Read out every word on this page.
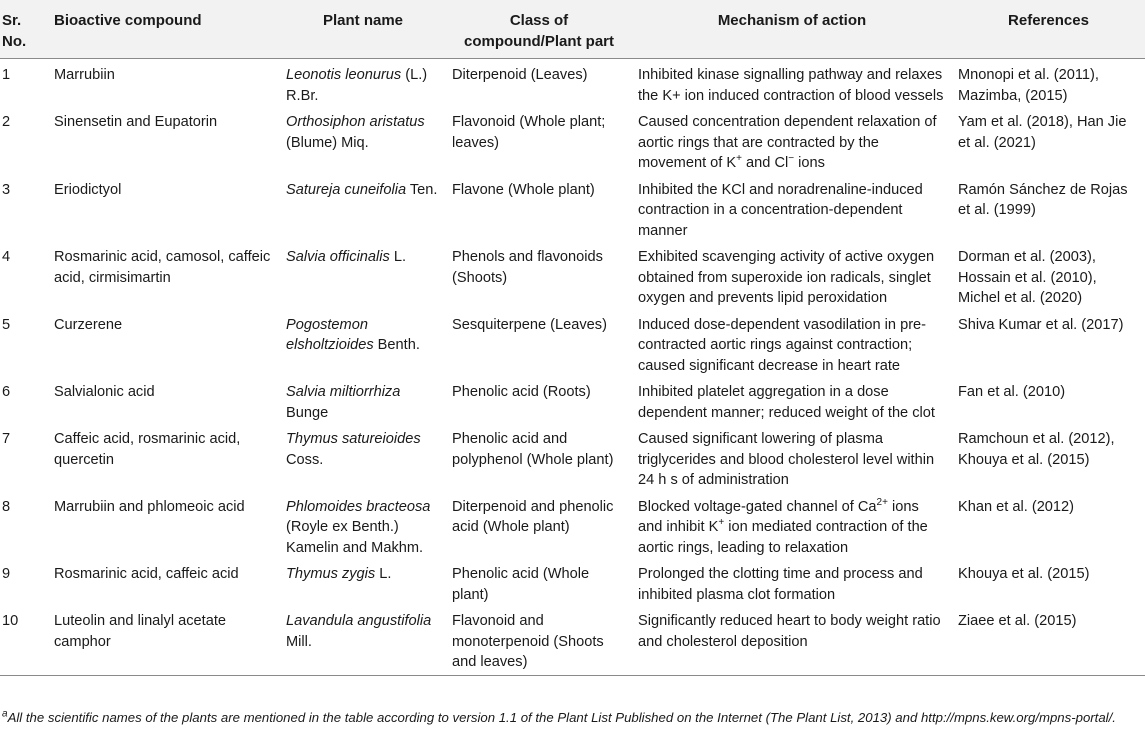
Sr. No.	Bioactive compound	Plant name	Class of compound/Plant part	Mechanism of action	References
1	Marrubiin	Leonotis leonurus (L.) R.Br.	Diterpenoid (Leaves)	Inhibited kinase signalling pathway and relaxes the K+ ion induced contraction of blood vessels	Mnonopi et al. (2011), Mazimba, (2015)
2	Sinensetin and Eupatorin	Orthosiphon aristatus (Blume) Miq.	Flavonoid (Whole plant; leaves)	Caused concentration dependent relaxation of aortic rings that are contracted by the movement of K+ and Cl− ions	Yam et al. (2018), Han Jie et al. (2021)
3	Eriodictyol	Satureja cuneifolia Ten.	Flavone (Whole plant)	Inhibited the KCl and noradrenaline-induced contraction in a concentration-dependent manner	Ramón Sánchez de Rojas et al. (1999)
4	Rosmarinic acid, camosol, caffeic acid, cirmisimartin	Salvia officinalis L.	Phenols and flavonoids (Shoots)	Exhibited scavenging activity of active oxygen obtained from superoxide ion radicals, singlet oxygen and prevents lipid peroxidation	Dorman et al. (2003), Hossain et al. (2010), Michel et al. (2020)
5	Curzerene	Pogostemon elsholtzioides Benth.	Sesquiterpene (Leaves)	Induced dose-dependent vasodilation in pre-contracted aortic rings against contraction; caused significant decrease in heart rate	Shiva Kumar et al. (2017)
6	Salvialonic acid	Salvia miltiorrhiza Bunge	Phenolic acid (Roots)	Inhibited platelet aggregation in a dose dependent manner; reduced weight of the clot	Fan et al. (2010)
7	Caffeic acid, rosmarinic acid, quercetin	Thymus satureioides Coss.	Phenolic acid and polyphenol (Whole plant)	Caused significant lowering of plasma triglycerides and blood cholesterol level within 24 h s of administration	Ramchoun et al. (2012), Khouya et al. (2015)
8	Marrubiin and phlomeoic acid	Phlomoides bracteosa (Royle ex Benth.) Kamelin and Makhm.	Diterpenoid and phenolic acid (Whole plant)	Blocked voltage-gated channel of $Ca^{2+}$ ions and inhibit K+ ion mediated contraction of the aortic rings, leading to relaxation	Khan et al. (2012)
9	Rosmarinic acid, caffeic acid	Thymus zygis L.	Phenolic acid (Whole plant)	Prolonged the clotting time and process and inhibited plasma clot formation	Khouya et al. (2015)
10	Luteolin and linalyl acetate camphor	Lavandula angustifolia Mill.	Flavonoid and monoterpenoid (Shoots and leaves)	Significantly reduced heart to body weight ratio and cholesterol deposition	Ziaee et al. (2015)
$^a$All the scientific names of the plants are mentioned in the table according to version 1.1 of the Plant List Published on the Internet (The Plant List, 2013) and http://mpns.kew.org/mpns-portal/.
